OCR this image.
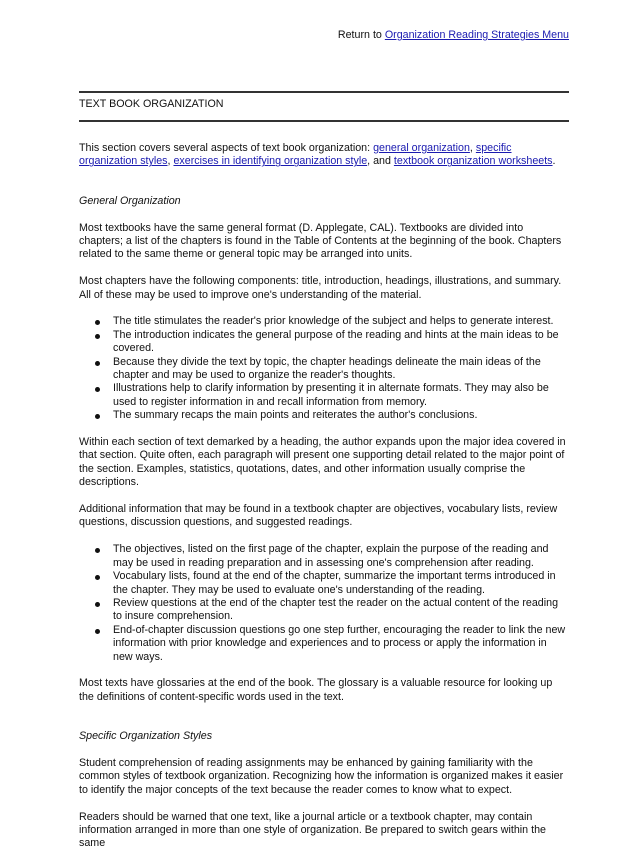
Return to Organization Reading Strategies Menu
TEXT BOOK ORGANIZATION

This section covers several aspects of text book organization: general organization, specific organization styles, exercises in identifying organization style, and textbook organization worksheets.

General Organization

Most textbooks have the same general format (D. Applegate, CAL). Textbooks are divided into chapters; a list of the chapters is found in the Table of Contents at the beginning of the book. Chapters related to the same theme or general topic may be arranged into units.

Most chapters have the following components: title, introduction, headings, illustrations, and summary. All of these may be used to improve one's understanding of the material.

The title stimulates the reader's prior knowledge of the subject and helps to generate interest.
The introduction indicates the general purpose of the reading and hints at the main ideas to be covered.
Because they divide the text by topic, the chapter headings delineate the main ideas of the chapter and may be used to organize the reader's thoughts.
Illustrations help to clarify information by presenting it in alternate formats. They may also be used to register information in and recall information from memory.
The summary recaps the main points and reiterates the author's conclusions.

Within each section of text demarked by a heading, the author expands upon the major idea covered in that section. Quite often, each paragraph will present one supporting detail related to the major point of the section. Examples, statistics, quotations, dates, and other information usually comprise the descriptions.

Additional information that may be found in a textbook chapter are objectives, vocabulary lists, review questions, discussion questions, and suggested readings.

The objectives, listed on the first page of the chapter, explain the purpose of the reading and may be used in reading preparation and in assessing one's comprehension after reading.
Vocabulary lists, found at the end of the chapter, summarize the important terms introduced in the chapter. They may be used to evaluate one's understanding of the reading.
Review questions at the end of the chapter test the reader on the actual content of the reading to insure comprehension.
End-of-chapter discussion questions go one step further, encouraging the reader to link the new information with prior knowledge and experiences and to process or apply the information in new ways.

Most texts have glossaries at the end of the book. The glossary is a valuable resource for looking up the definitions of content-specific words used in the text.

Specific Organization Styles

Student comprehension of reading assignments may be enhanced by gaining familiarity with the common styles of textbook organization. Recognizing how the information is organized makes it easier to identify the major concepts of the text because the reader comes to know what to expect.

Readers should be warned that one text, like a journal article or a textbook chapter, may contain information arranged in more than one style of organization. Be prepared to switch gears within the same
